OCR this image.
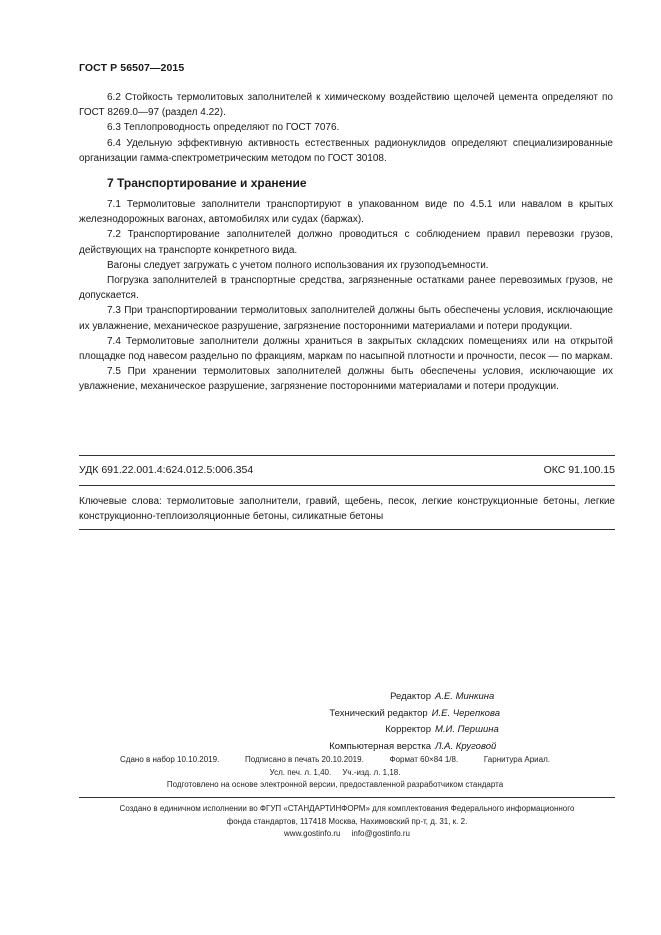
ГОСТ Р 56507—2015

6.2 Стойкость термолитовых заполнителей к химическому воздействию щелочей цемента определяют по ГОСТ 8269.0—97 (раздел 4.22).

6.3 Теплопроводность определяют по ГОСТ 7076.

6.4 Удельную эффективную активность естественных радионуклидов определяют специализированные организации гамма-спектрометрическим методом по ГОСТ 30108.

7 Транспортирование и хранение

7.1 Термолитовые заполнители транспортируют в упакованном виде по 4.5.1 или навалом в крытых железнодорожных вагонах, автомобилях или судах (баржах).

7.2 Транспортирование заполнителей должно проводиться с соблюдением правил перевозки грузов, действующих на транспорте конкретного вида.

Вагоны следует загружать с учетом полного использования их грузоподъемности.

Погрузка заполнителей в транспортные средства, загрязненные остатками ранее перевозимых грузов, не допускается.

7.3 При транспортировании термолитовых заполнителей должны быть обеспечены условия, исключающие их увлажнение, механическое разрушение, загрязнение посторонними материалами и потери продукции.

7.4 Термолитовые заполнители должны храниться в закрытых складских помещениях или на открытой площадке под навесом раздельно по фракциям, маркам по насыпной плотности и прочности, песок — по маркам.

7.5 При хранении термолитовых заполнителей должны быть обеспечены условия, исключающие их увлажнение, механическое разрушение, загрязнение посторонними материалами и потери продукции.

УДК 691.22.001.4:624.012.5:006.354	ОКС 91.100.15
Ключевые слова: термолитовые заполнители, гравий, щебень, песок, легкие конструкционные бетоны, легкие конструкционно-теплоизоляционные бетоны, силикатные бетоны
Редактор А.Е. Минкина
Технический редактор И.Е. Черепкова
Корректор М.И. Першина
Компьютерная верстка Л.А. Круговой
Сдано в набор 10.10.2019.	Подписано в печать 20.10.2019.	Формат 60×84 1/8.	Гарнитура Ариал.
Усл. печ. л. 1,40.     Уч.-изд. л. 1,18.
Подготовлено на основе электронной версии, предоставленной разработчиком стандарта
Создано в единичном исполнении во ФГУП «СТАНДАРТИНФОРМ» для комплектования Федерального информационного
фонда стандартов, 117418 Москва, Нахимовский пр-т, д. 31, к. 2.
www.gostinfo.ru     info@gostinfo.ru
